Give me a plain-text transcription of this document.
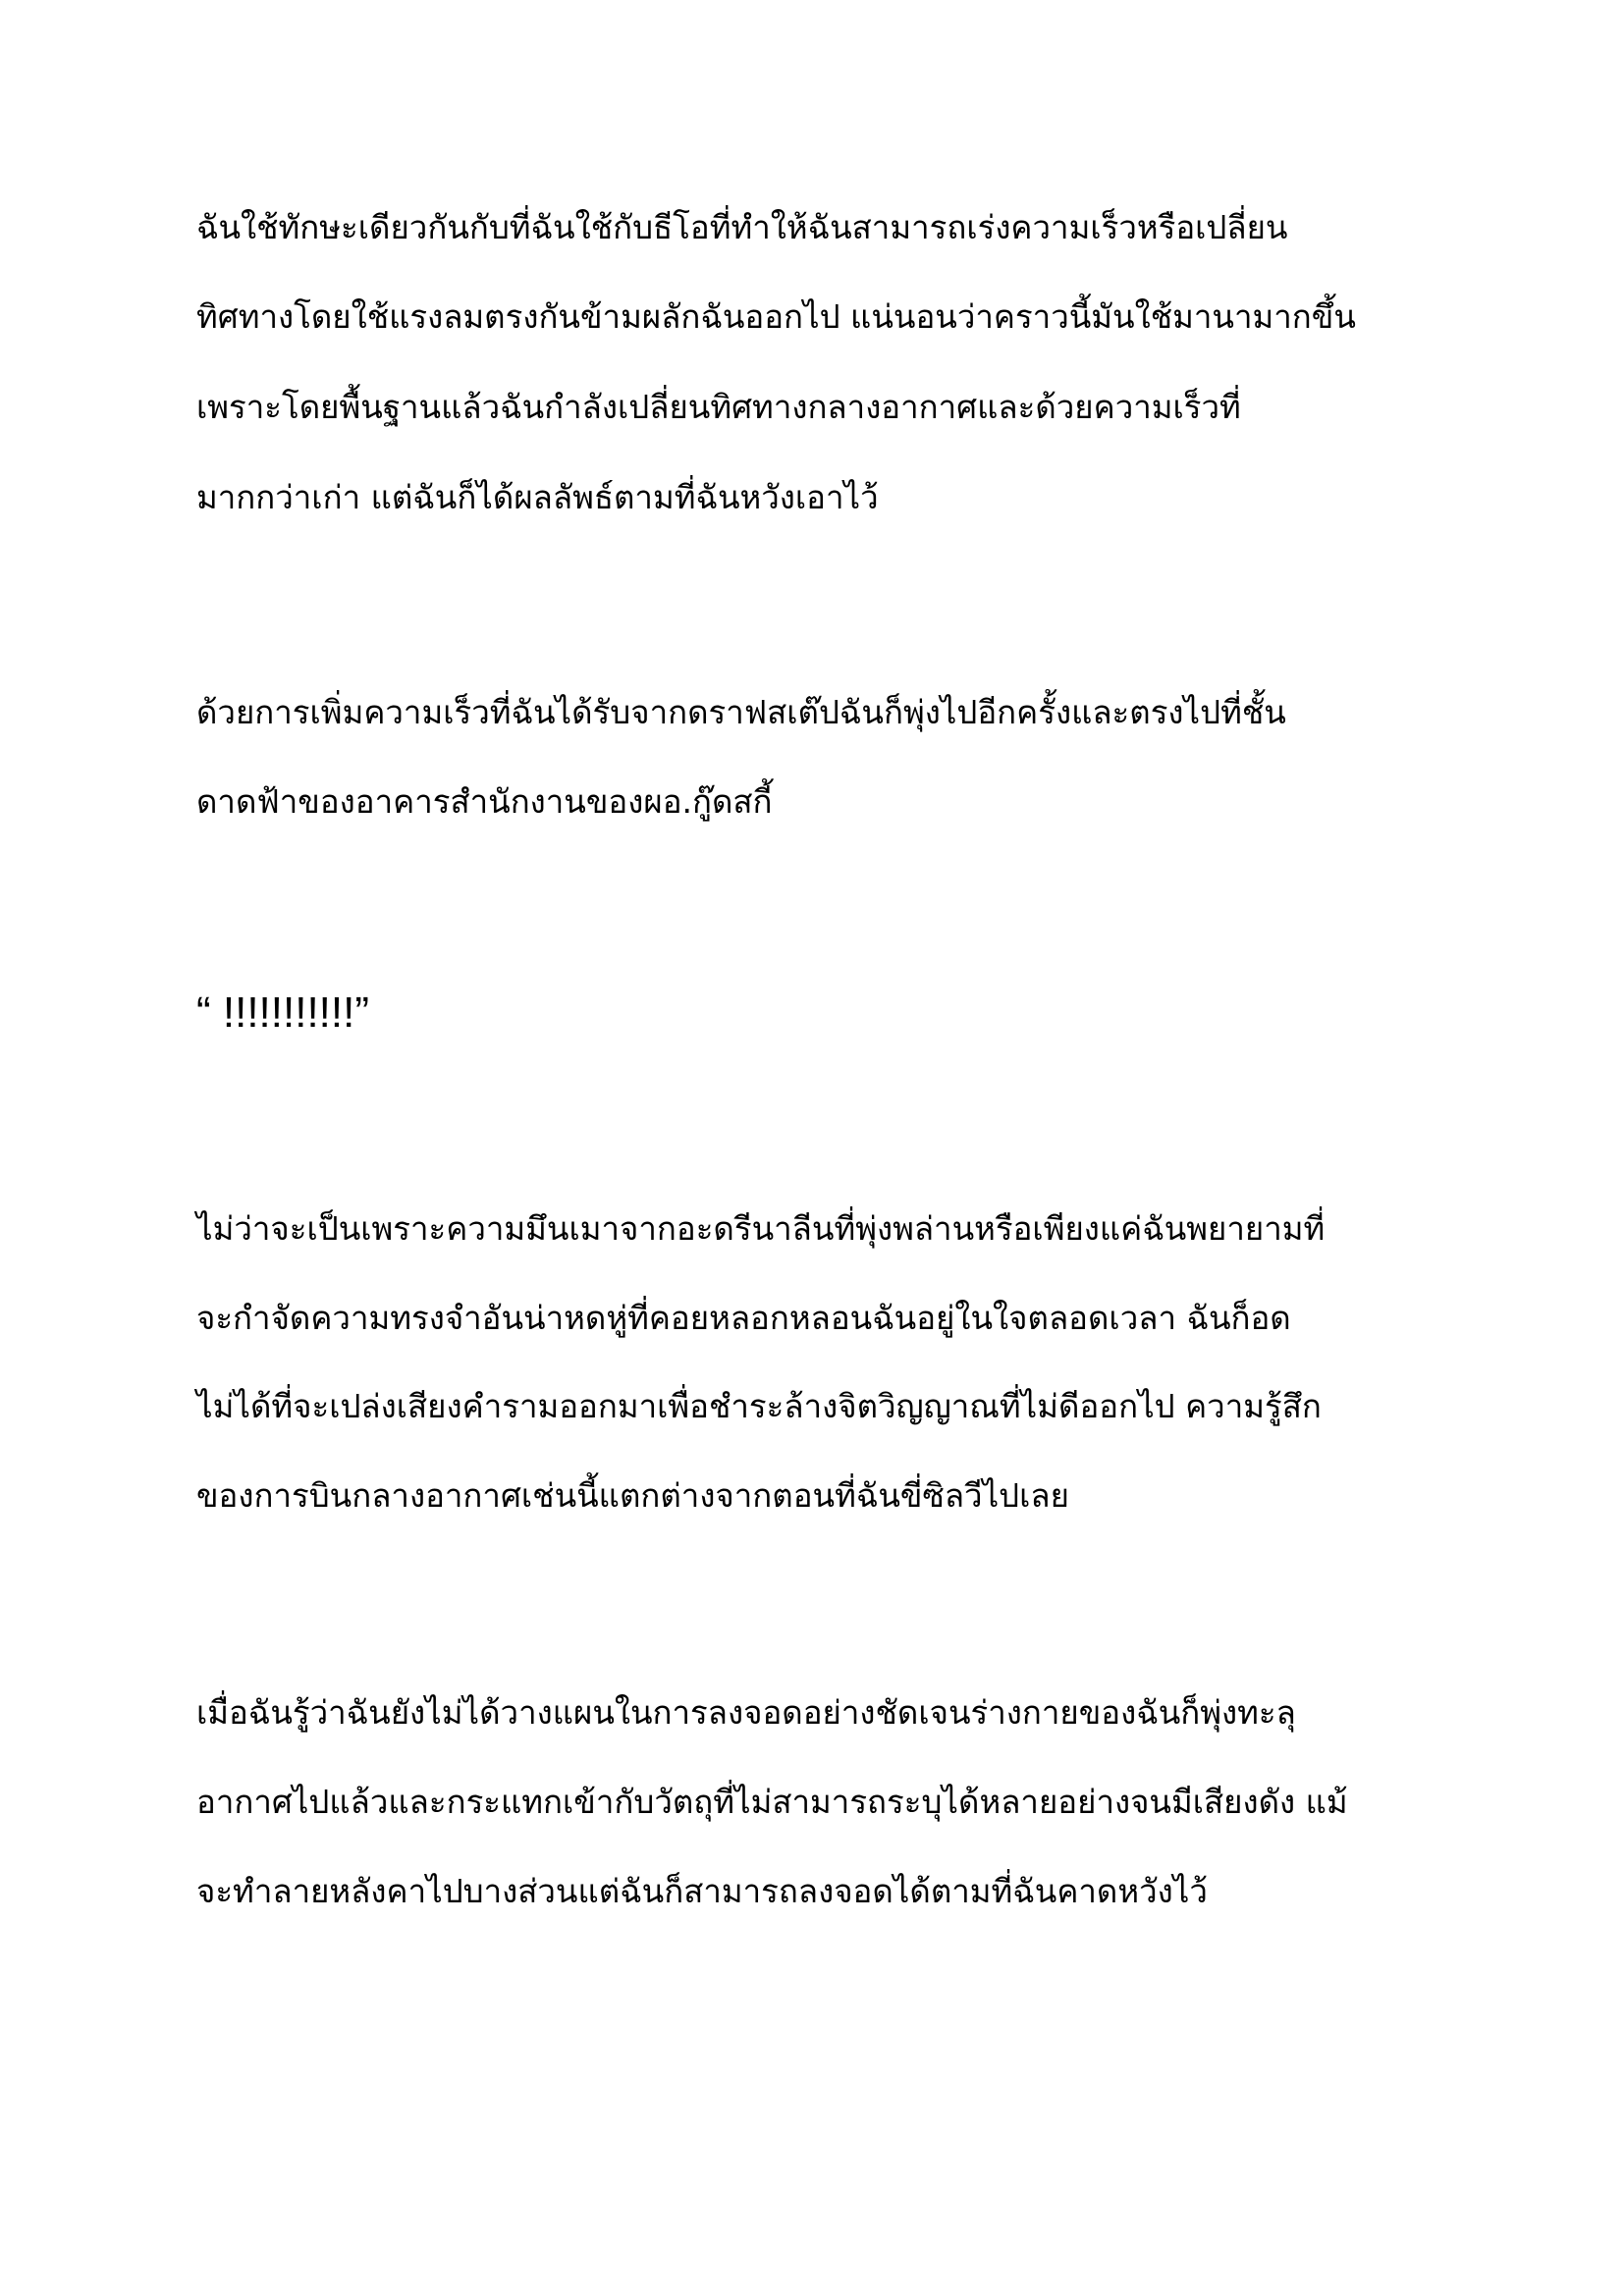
ฉันใช้ทักษะเดียวกันกับที่ฉันใช้กับธีโอที่ทำให้ฉันสามารถเร่งความเร็วหรือเปลี่ยน
ทิศทางโดยใช้แรงลมตรงกันข้ามผลักฉันออกไป แน่นอนว่าคราวนี้มันใช้มานามากขึ้น
เพราะโดยพื้นฐานแล้วฉันกำลังเปลี่ยนทิศทางกลางอากาศและด้วยความเร็วที่
มากกว่าเก่า แต่ฉันก็ได้ผลลัพธ์ตามที่ฉันหวังเอาไว้
ด้วยการเพิ่มความเร็วที่ฉันได้รับจากดราฟสเต๊ปฉันก็พุ่งไปอีกครั้งและตรงไปที่ชั้น
ดาดฟ้าของอาคารสำนักงานของผอ.กู๊ดสกี้
“ !!!!!!!!!!!”
ไม่ว่าจะเป็นเพราะความมึนเมาจากอะดรีนาลีนที่พุ่งพล่านหรือเพียงแค่ฉันพยายามที่
จะกำจัดความทรงจำอันน่าหดหู่ที่คอยหลอกหลอนฉันอยู่ในใจตลอดเวลา ฉันก็อด
ไม่ได้ที่จะเปล่งเสียงคำรามออกมาเพื่อชำระล้างจิตวิญญาณที่ไม่ดีออกไป ความรู้สึก
ของการบินกลางอากาศเช่นนี้แตกต่างจากตอนที่ฉันขี่ซิลวีไปเลย
เมื่อฉันรู้ว่าฉันยังไม่ได้วางแผนในการลงจอดอย่างชัดเจนร่างกายของฉันก็พุ่งทะลุ
อากาศไปแล้วและกระแทกเข้ากับวัตถุที่ไม่สามารถระบุได้หลายอย่างจนมีเสียงดัง แม้
จะทำลายหลังคาไปบางส่วนแต่ฉันก็สามารถลงจอดได้ตามที่ฉันคาดหวังไว้
